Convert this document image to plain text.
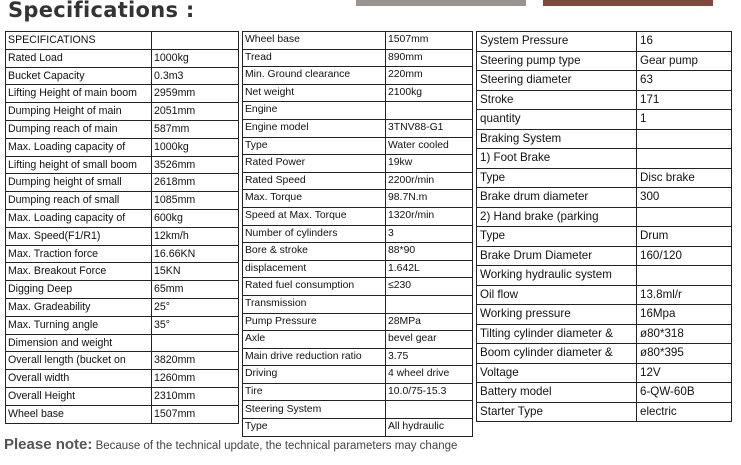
Specifications :
SPECIFICATIONS	
Rated Load	1000kg
Bucket Capacity	0.3m3
Lifting Height of main boom	2959mm
Dumping Height of main	2051mm
Dumping reach of main	587mm
Max. Loading capacity of	1000kg
Lifting height of small boom	3526mm
Dumping height of small	2618mm
Dumping reach of small	1085mm
Max. Loading capacity of	600kg
Max. Speed(F1/R1)	12km/h
Max. Traction force	16.66KN
Max. Breakout Force	15KN
Digging Deep	65mm
Max. Gradeability	25°
Max. Turning angle	35°
Dimension and weight	
Overall length (bucket on	3820mm
Overall width	1260mm
Overall Height	2310mm
Wheel base	1507mm
Wheel base	1507mm
Tread	890mm
Min. Ground clearance	220mm
Net weight	2100kg
Engine	
Engine model	3TNV88-G1
Type	Water cooled
Rated Power	19kw
Rated Speed	2200r/min
Max. Torque	98.7N.m
Speed at Max. Torque	1320r/min
Number of cylinders	3
Bore & stroke	88*90
displacement	1.642L
Rated fuel consumption	≤230
Transmission	
Pump Pressure	28MPa
Axle	bevel gear
Main drive reduction ratio	3.75
Driving	4 wheel drive
Tire	10.0/75-15.3
Steering System	
Type	All hydraulic
System Pressure	16
Steering pump type	Gear pump
Steering diameter	63
Stroke	171
quantity	1
Braking System	
1) Foot Brake	
Type	Disc brake
Brake drum diameter	300
2) Hand brake (parking	
Type	Drum
Brake Drum Diameter	160/120
Working hydraulic system	
Oil flow	13.8ml/r
Working pressure	16Mpa
Tilting cylinder diameter &	ø80*318
Boom cylinder diameter &	ø80*395
Voltage	12V
Battery model	6-QW-60B
Starter Type	electric

Please note: Because of the technical update, the technical parameters may change
